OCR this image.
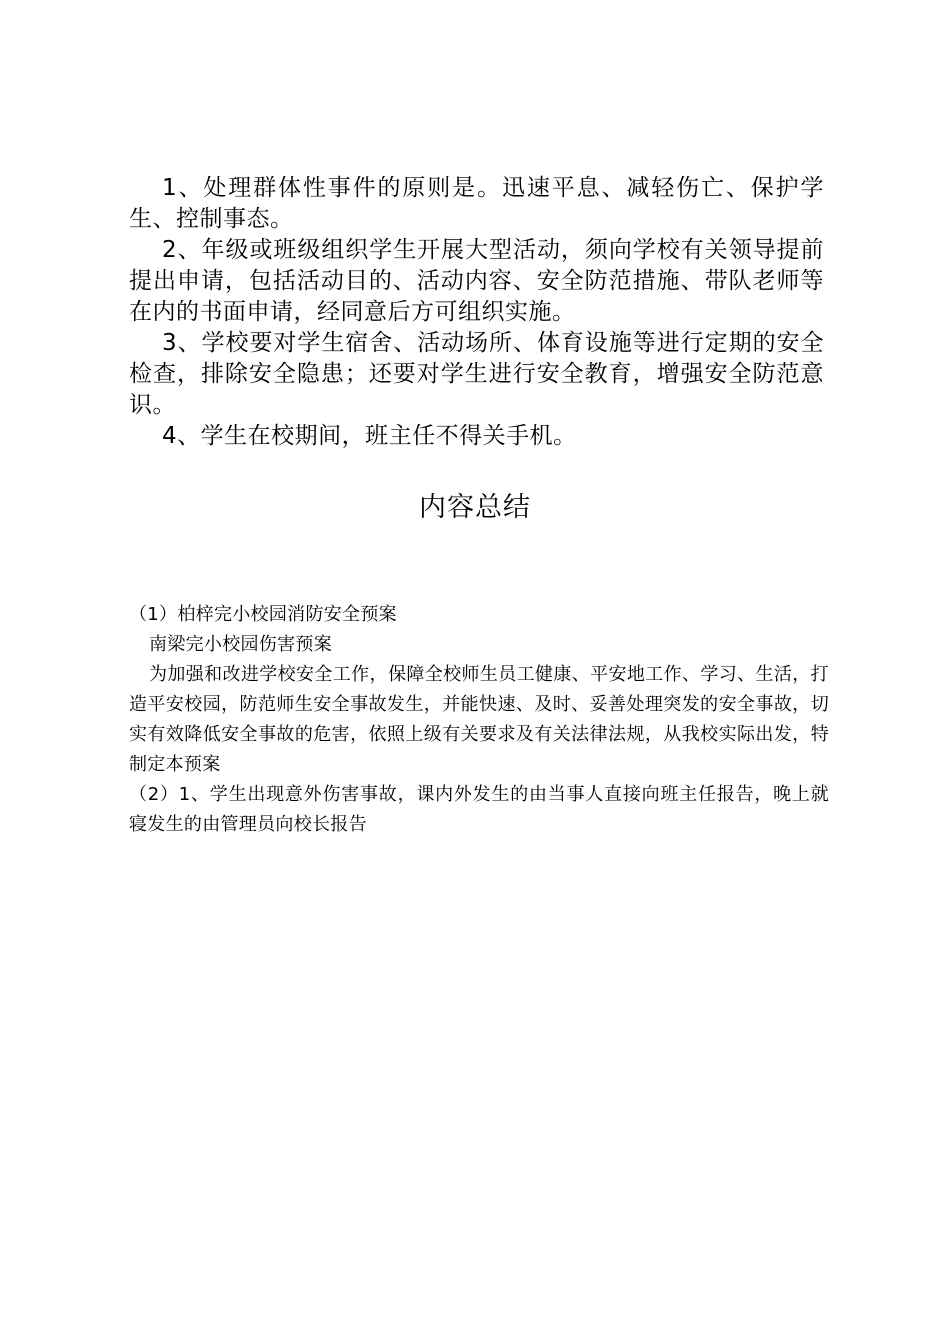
1、处理群体性事件的原则是。迅速平息、减轻伤亡、保护学生、控制事态。

2、年级或班级组织学生开展大型活动，须向学校有关领导提前提出申请，包括活动目的、活动内容、安全防范措施、带队老师等在内的书面申请，经同意后方可组织实施。

3、学校要对学生宿舍、活动场所、体育设施等进行定期的安全检查，排除安全隐患；还要对学生进行安全教育，增强安全防范意识。

4、学生在校期间，班主任不得关手机。

内容总结

（1）柏梓完小校园消防安全预案

南梁完小校园伤害预案

为加强和改进学校安全工作，保障全校师生员工健康、平安地工作、学习、生活，打造平安校园，防范师生安全事故发生，并能快速、及时、妥善处理突发的安全事故，切实有效降低安全事故的危害，依照上级有关要求及有关法律法规，从我校实际出发，特制定本预案

（2）1、学生出现意外伤害事故，课内外发生的由当事人直接向班主任报告，晚上就寝发生的由管理员向校长报告
